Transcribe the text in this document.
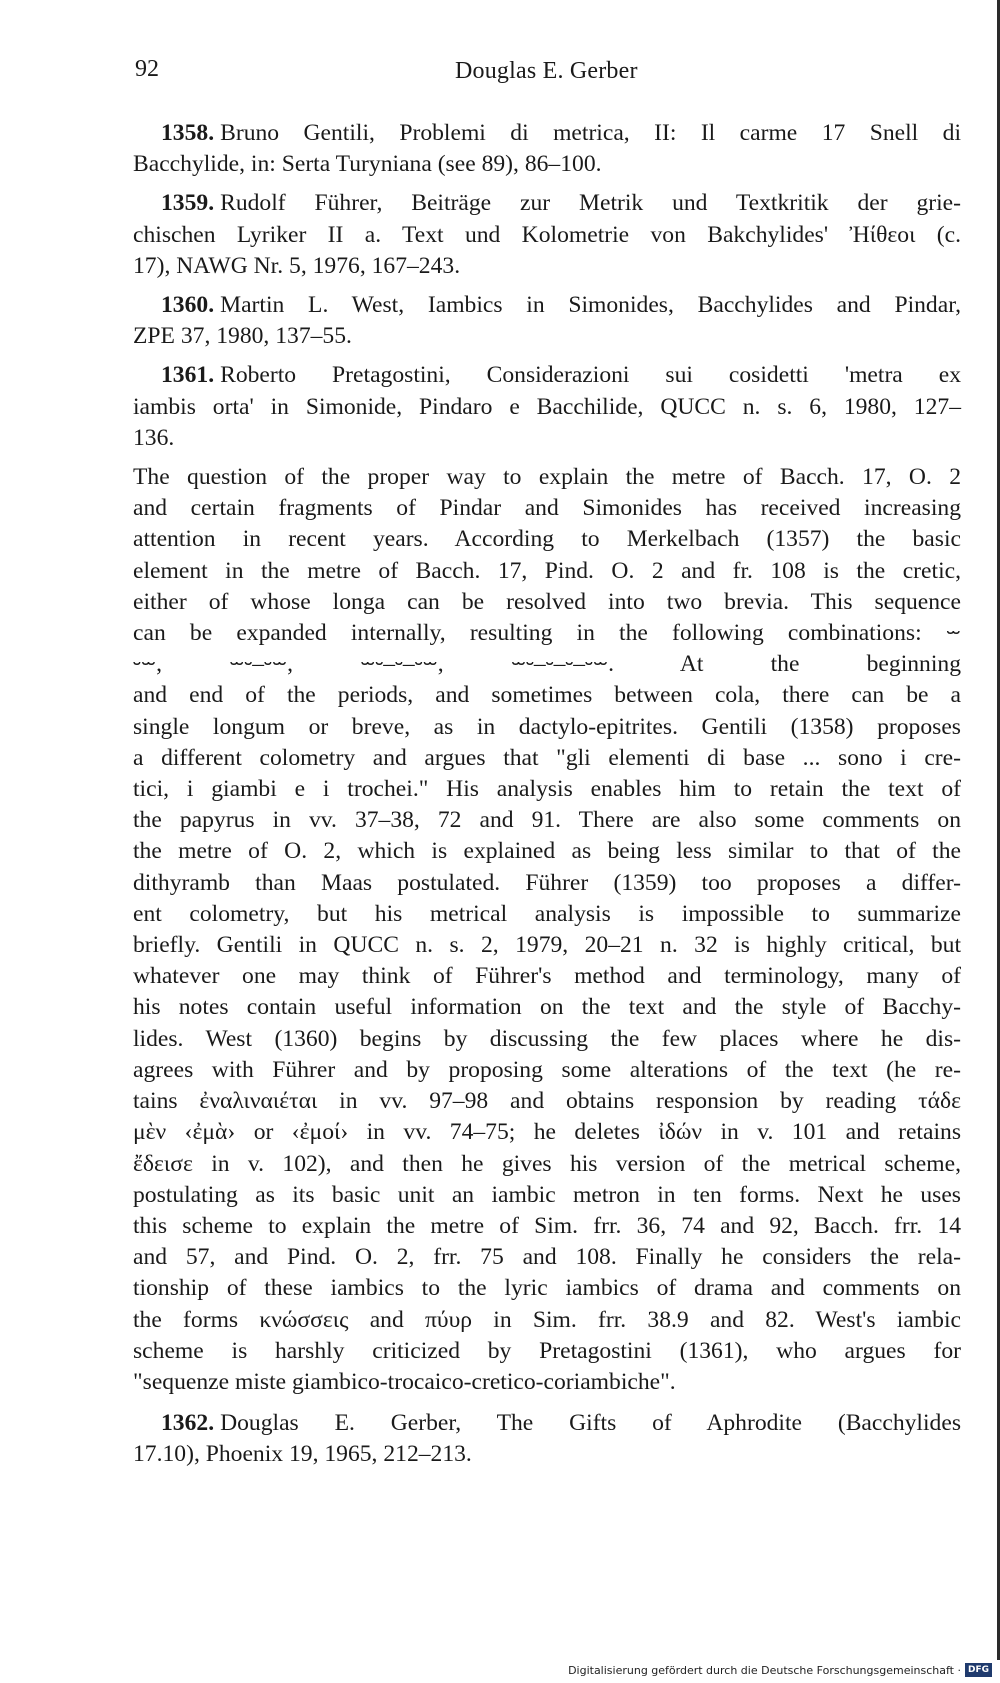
92	Douglas E. Gerber
1358. Bruno Gentili, Problemi di metrica, II: Il carme 17 Snell di
Bacchylide, in: Serta Turyniana (see 89), 86–100.
1359. Rudolf Führer, Beiträge zur Metrik und Textkritik der grie-
chischen Lyriker II a. Text und Kolometrie von Bakchylides' Ἠίθεοι (c.
17), NAWG Nr. 5, 1976, 167–243.
1360. Martin L. West, Iambics in Simonides, Bacchylides and Pindar,
ZPE 37, 1980, 137–55.
1361. Roberto Pretagostini, Considerazioni sui cosidetti 'metra ex
iambis orta' in Simonide, Pindaro e Bacchilide, QUCC n. s. 6, 1980, 127–
136.
The question of the proper way to explain the metre of Bacch. 17, O. 2
and certain fragments of Pindar and Simonides has received increasing
attention in recent years. According to Merkelbach (1357) the basic
element in the metre of Bacch. 17, Pind. O. 2 and fr. 108 is the cretic,
either of whose longa can be resolved into two brevia. This sequence
can be expanded internally, resulting in the following combinations: ⏖
⏑⏖, ⏖⏑–⏑⏖, ⏖⏑–⏑–⏑⏖, ⏖⏑–⏑–⏑–⏑⏖. At the beginning
and end of the periods, and sometimes between cola, there can be a
single longum or breve, as in dactylo-epitrites. Gentili (1358) proposes
a different colometry and argues that "gli elementi di base ... sono i cre-
tici, i giambi e i trochei." His analysis enables him to retain the text of
the papyrus in vv. 37–38, 72 and 91. There are also some comments on
the metre of O. 2, which is explained as being less similar to that of the
dithyramb than Maas postulated. Führer (1359) too proposes a differ-
ent colometry, but his metrical analysis is impossible to summarize
briefly. Gentili in QUCC n. s. 2, 1979, 20–21 n. 32 is highly critical, but
whatever one may think of Führer's method and terminology, many of
his notes contain useful information on the text and the style of Bacchy-
lides. West (1360) begins by discussing the few places where he dis-
agrees with Führer and by proposing some alterations of the text (he re-
tains ἐναλιναιέται in vv. 97–98 and obtains responsion by reading τάδε
μὲν ‹ἐμὰ› or ‹ἐμοί› in vv. 74–75; he deletes ἰδών in v. 101 and retains
ἔδεισε in v. 102), and then he gives his version of the metrical scheme,
postulating as its basic unit an iambic metron in ten forms. Next he uses
this scheme to explain the metre of Sim. frr. 36, 74 and 92, Bacch. frr. 14
and 57, and Pind. O. 2, frr. 75 and 108. Finally he considers the rela-
tionship of these iambics to the lyric iambics of drama and comments on
the forms κνώσσεις and πύυρ in Sim. frr. 38.9 and 82. West's iambic
scheme is harshly criticized by Pretagostini (1361), who argues for
"sequenze miste giambico-trocaico-cretico-coriambiche".
1362. Douglas E. Gerber, The Gifts of Aphrodite (Bacchylides
17.10), Phoenix 19, 1965, 212–213.
Digitalisierung gefördert durch die Deutsche Forschungsgemeinschaft · DFG
